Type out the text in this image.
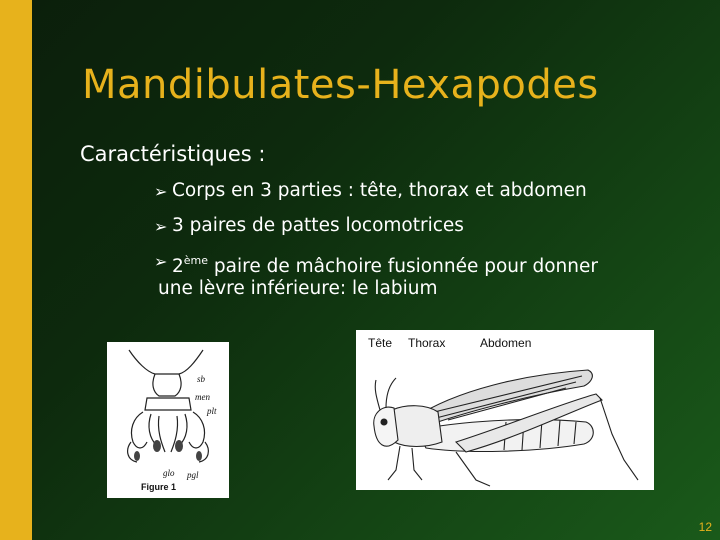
Mandibulates-Hexapodes
Caractéristiques :
➢ Corps en 3 parties : tête, thorax et abdomen
➢ 3 paires de pattes locomotrices
➢ 2ème paire de mâchoire fusionnée pour donner
une lèvre inférieure: le labium
sb
men
plt
glo pgl
Figure 1
Tête Thorax	Abdomen
12
